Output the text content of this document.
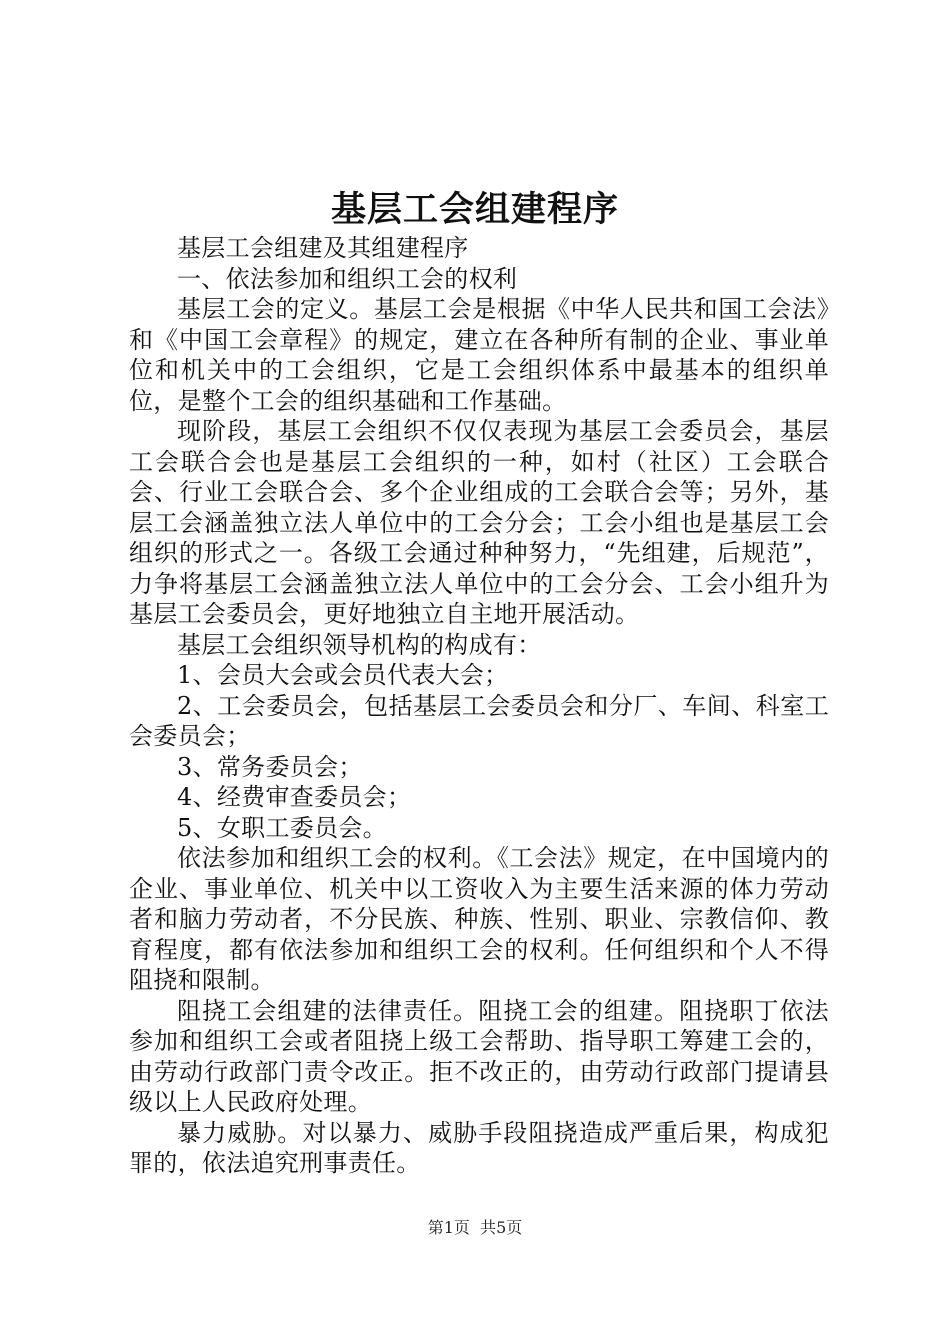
基层工会组建程序

基层工会组建及其组建程序

一、依法参加和组织工会的权利

基层工会的定义。基层工会是根据《中华人民共和国工会法》和《中国工会章程》的规定，建立在各种所有制的企业、事业单位和机关中的工会组织，它是工会组织体系中最基本的组织单位，是整个工会的组织基础和工作基础。

现阶段，基层工会组织不仅仅表现为基层工会委员会，基层工会联合会也是基层工会组织的一种，如村（社区）工会联合会、行业工会联合会、多个企业组成的工会联合会等；另外，基层工会涵盖独立法人单位中的工会分会；工会小组也是基层工会组织的形式之一。各级工会通过种种努力，“先组建，后规范”，力争将基层工会涵盖独立法人单位中的工会分会、工会小组升为基层工会委员会，更好地独立自主地开展活动。

基层工会组织领导机构的构成有：

1、会员大会或会员代表大会；

2、工会委员会，包括基层工会委员会和分厂、车间、科室工会委员会；

3、常务委员会；

4、经费审查委员会；

5、女职工委员会。

依法参加和组织工会的权利。《工会法》规定，在中国境内的企业、事业单位、机关中以工资收入为主要生活来源的体力劳动者和脑力劳动者，不分民族、种族、性别、职业、宗教信仰、教育程度，都有依法参加和组织工会的权利。任何组织和个人不得阻挠和限制。

阻挠工会组建的法律责任。阻挠工会的组建。阻挠职丁依法参加和组织工会或者阻挠上级工会帮助、指导职工筹建工会的，由劳动行政部门责令改正。拒不改正的，由劳动行政部门提请县级以上人民政府处理。

暴力威胁。对以暴力、威胁手段阻挠造成严重后果，构成犯罪的，依法追究刑事责任。

第1页 共5页
